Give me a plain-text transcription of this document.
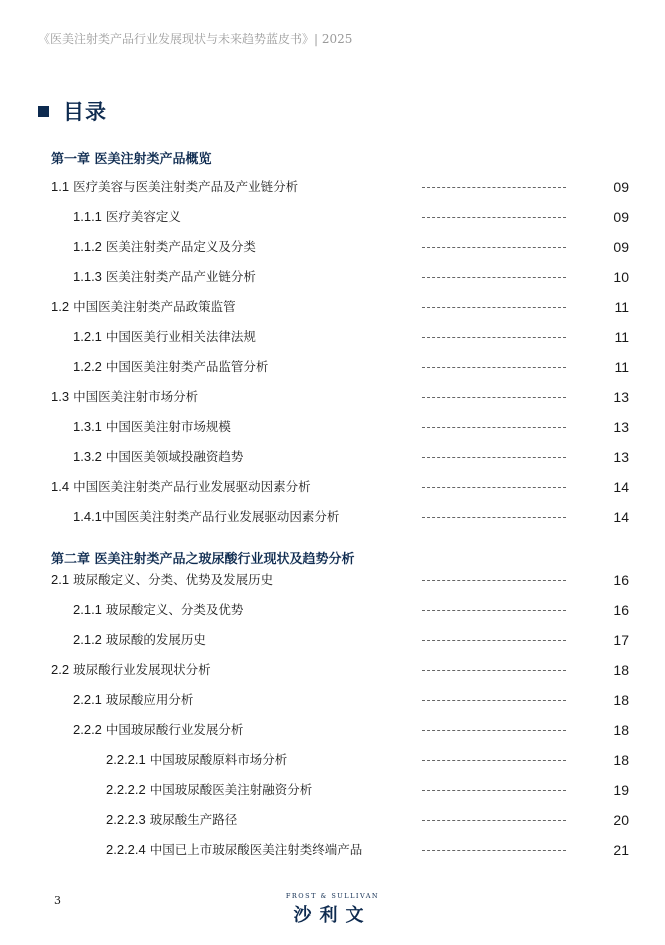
《医美注射类产品行业发展现状与未来趋势蓝皮书》| 2025
目录
第一章 医美注射类产品概览
1.1 医疗美容与医美注射类产品及产业链分析	09
1.1.1 医疗美容定义	09
1.1.2 医美注射类产品定义及分类	09
1.1.3 医美注射类产品产业链分析	10
1.2 中国医美注射类产品政策监管	11
1.2.1 中国医美行业相关法律法规	11
1.2.2 中国医美注射类产品监管分析	11
1.3 中国医美注射市场分析	13
1.3.1 中国医美注射市场规模	13
1.3.2 中国医美领域投融资趋势	13
1.4 中国医美注射类产品行业发展驱动因素分析	14
1.4.1中国医美注射类产品行业发展驱动因素分析	14
第二章 医美注射类产品之玻尿酸行业现状及趋势分析
2.1 玻尿酸定义、分类、优势及发展历史	16
2.1.1 玻尿酸定义、分类及优势	16
2.1.2 玻尿酸的发展历史	17
2.2 玻尿酸行业发展现状分析	18
2.2.1 玻尿酸应用分析	18
2.2.2 中国玻尿酸行业发展分析	18
2.2.2.1 中国玻尿酸原料市场分析	18
2.2.2.2 中国玻尿酸医美注射融资分析	19
2.2.2.3 玻尿酸生产路径	20
2.2.2.4 中国已上市玻尿酸医美注射类终端产品	21
3	FROST & SULLIVAN
沙利文
